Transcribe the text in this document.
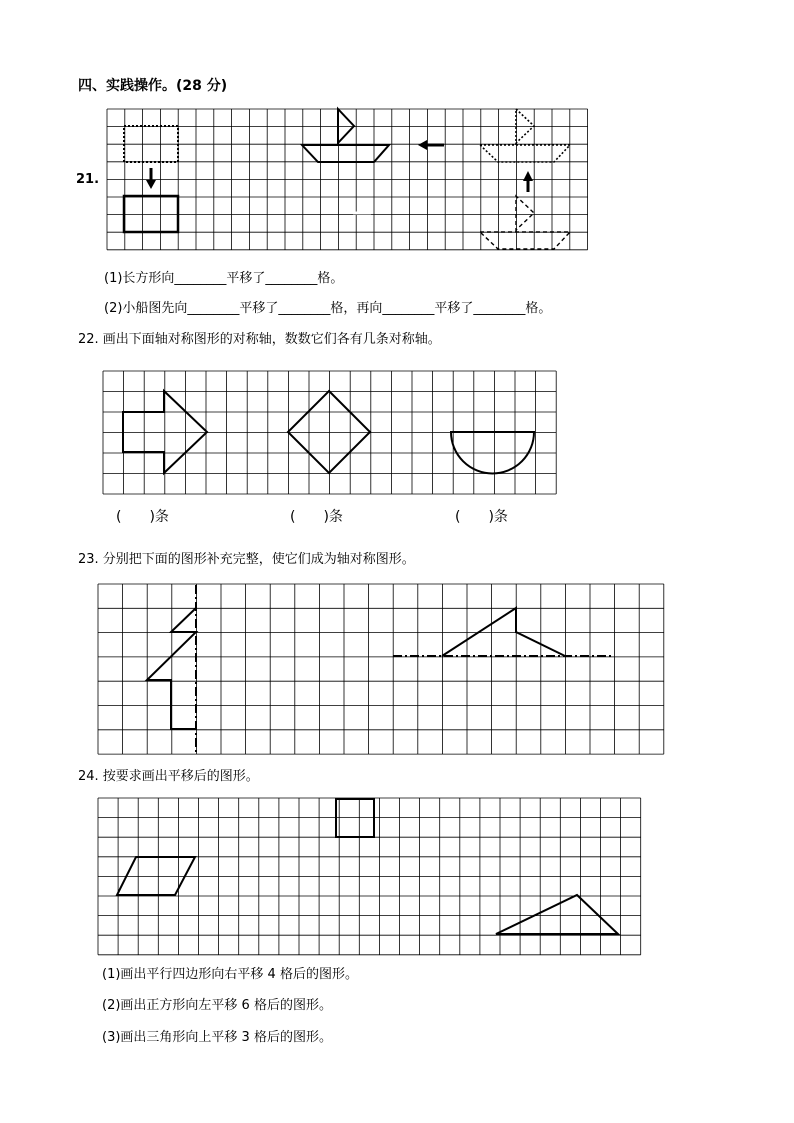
四、实践操作。(28 分)
21.
(1)长方形向________平移了________格。
(2)小船图先向________平移了________格，再向________平移了________格。
22. 画出下面轴对称图形的对称轴，数数它们各有几条对称轴。
(　　)条	(　　)条	(　　)条
23. 分别把下面的图形补充完整，使它们成为轴对称图形。
24. 按要求画出平移后的图形。
(1)画出平行四边形向右平移 4 格后的图形。
(2)画出正方形向左平移 6 格后的图形。
(3)画出三角形向上平移 3 格后的图形。
